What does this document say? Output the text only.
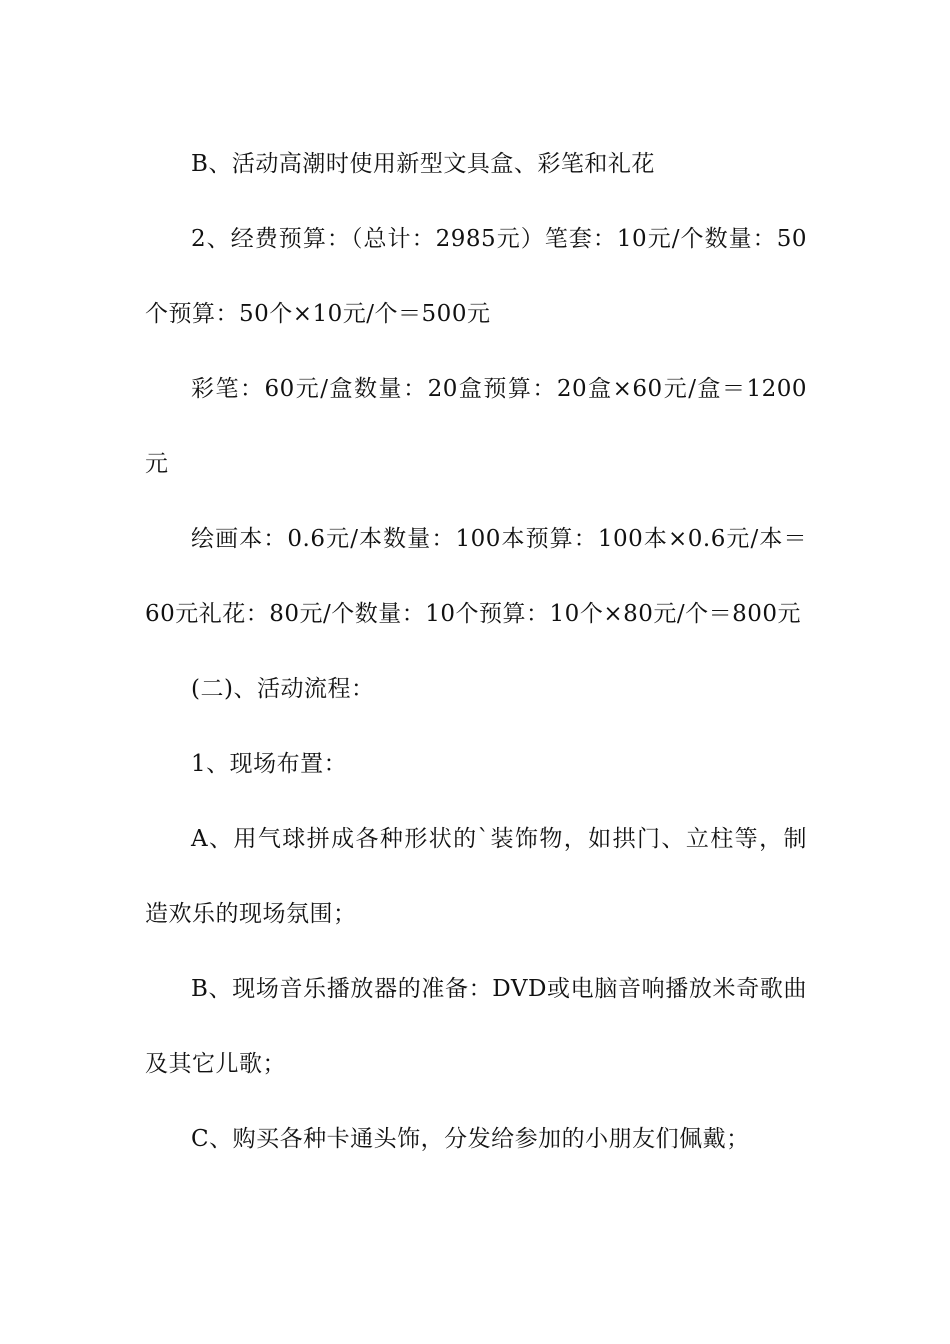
B、活动高潮时使用新型文具盒、彩笔和礼花

2、经费预算：（总计：2985元）笔套：10元/个数量：50个预算：50个×10元/个＝500元

彩笔：60元/盒数量：20盒预算：20盒×60元/盒＝1200元

绘画本：0.6元/本数量：100本预算：100本×0.6元/本＝60元礼花：80元/个数量：10个预算：10个×80元/个＝800元

(二)、活动流程：

1、现场布置：

A、用气球拼成各种形状的`装饰物，如拱门、立柱等，制造欢乐的现场氛围；

B、现场音乐播放器的准备：DVD或电脑音响播放米奇歌曲及其它儿歌；

C、购买各种卡通头饰，分发给参加的小朋友们佩戴；
